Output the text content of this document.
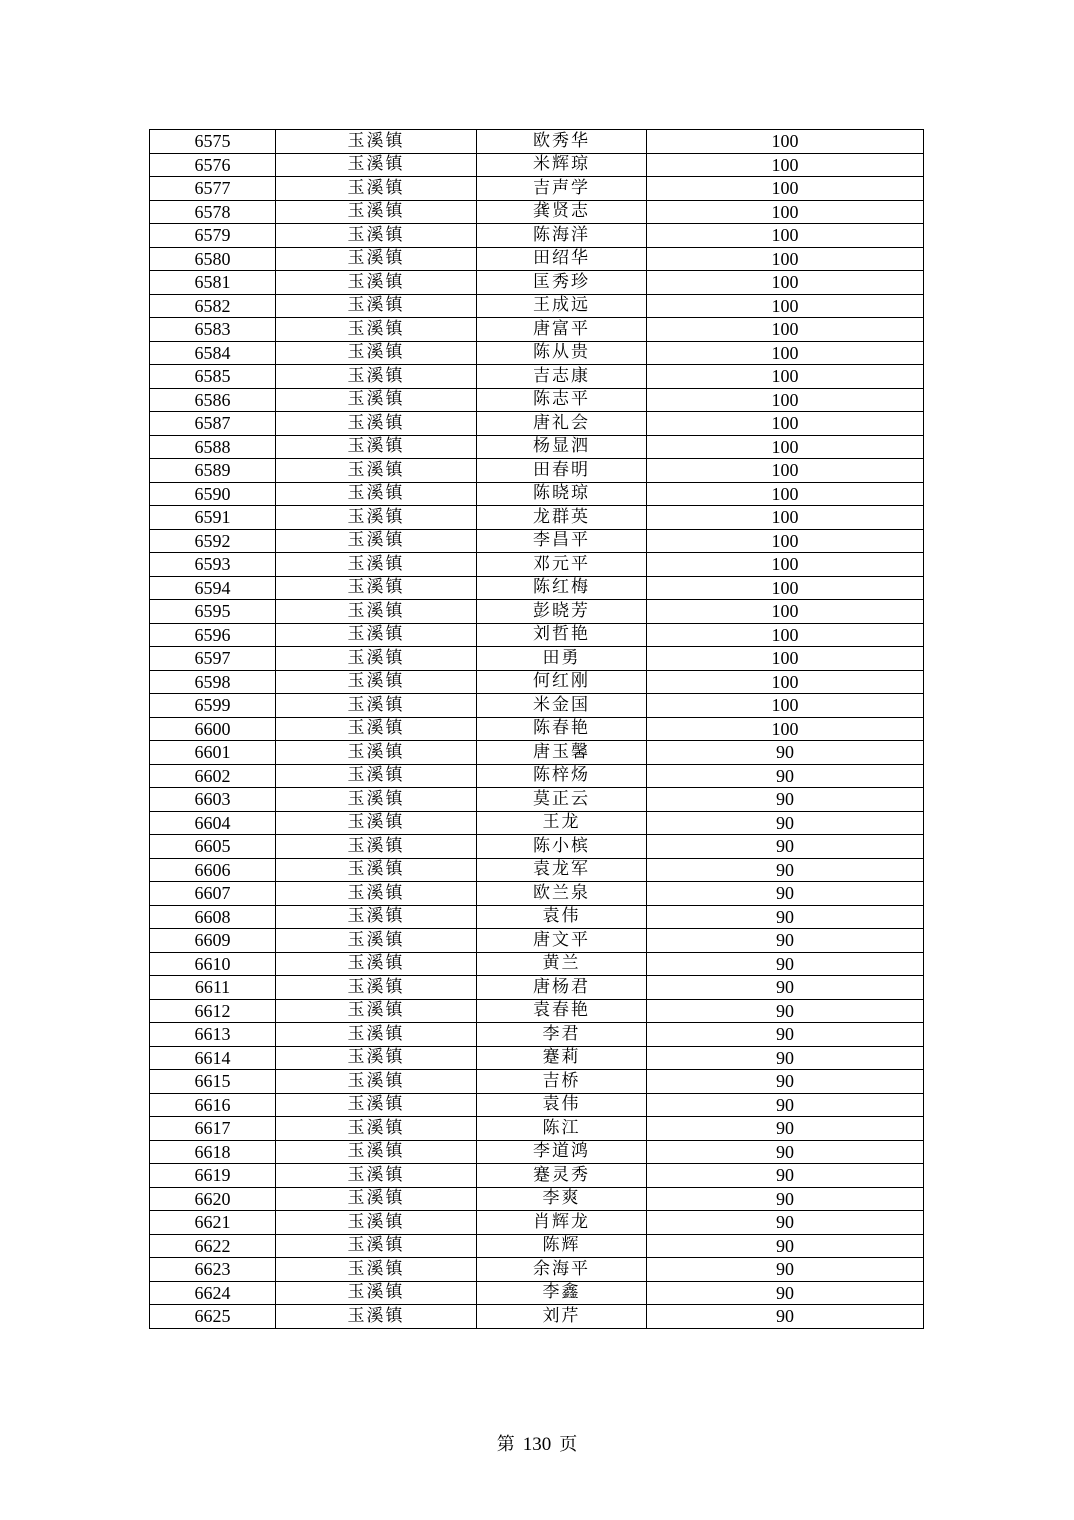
6575	玉溪镇	欧秀华	100
6576	玉溪镇	米辉琼	100
6577	玉溪镇	吉声学	100
6578	玉溪镇	龚贤志	100
6579	玉溪镇	陈海洋	100
6580	玉溪镇	田绍华	100
6581	玉溪镇	匡秀珍	100
6582	玉溪镇	王成远	100
6583	玉溪镇	唐富平	100
6584	玉溪镇	陈从贵	100
6585	玉溪镇	吉志康	100
6586	玉溪镇	陈志平	100
6587	玉溪镇	唐礼会	100
6588	玉溪镇	杨显泗	100
6589	玉溪镇	田春明	100
6590	玉溪镇	陈晓琼	100
6591	玉溪镇	龙群英	100
6592	玉溪镇	李昌平	100
6593	玉溪镇	邓元平	100
6594	玉溪镇	陈红梅	100
6595	玉溪镇	彭晓芳	100
6596	玉溪镇	刘哲艳	100
6597	玉溪镇	田勇	100
6598	玉溪镇	何红刚	100
6599	玉溪镇	米金国	100
6600	玉溪镇	陈春艳	100
6601	玉溪镇	唐玉馨	90
6602	玉溪镇	陈梓炀	90
6603	玉溪镇	莫正云	90
6604	玉溪镇	王龙	90
6605	玉溪镇	陈小槟	90
6606	玉溪镇	袁龙军	90
6607	玉溪镇	欧兰泉	90
6608	玉溪镇	袁伟	90
6609	玉溪镇	唐文平	90
6610	玉溪镇	黄兰	90
6611	玉溪镇	唐杨君	90
6612	玉溪镇	袁春艳	90
6613	玉溪镇	李君	90
6614	玉溪镇	蹇莉	90
6615	玉溪镇	吉桥	90
6616	玉溪镇	袁伟	90
6617	玉溪镇	陈江	90
6618	玉溪镇	李道鸿	90
6619	玉溪镇	蹇灵秀	90
6620	玉溪镇	李爽	90
6621	玉溪镇	肖辉龙	90
6622	玉溪镇	陈辉	90
6623	玉溪镇	余海平	90
6624	玉溪镇	李鑫	90
6625	玉溪镇	刘芹	90
第 130 页
